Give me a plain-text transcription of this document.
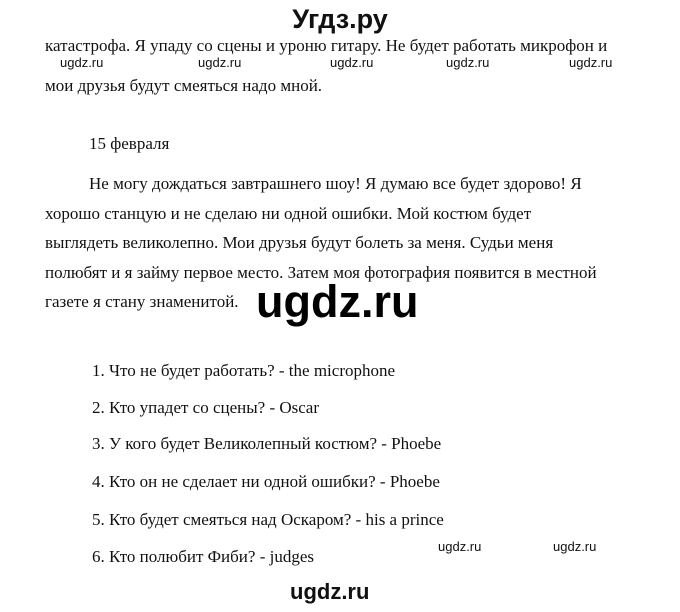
Угдз.ру
катастрофа. Я упаду со сцены и уроню гитару. Не будет работать микрофон и
мои друзья будут смеяться надо мной.
ugdz.ru	ugdz.ru	ugdz.ru	ugdz.ru	ugdz.ru
15 февраля
Не могу дождаться завтрашнего шоу! Я думаю все будет здорово! Я
хорошо станцую и не сделаю ни одной ошибки. Мой костюм будет
выглядеть великолепно. Мои друзья будут болеть за меня. Судьи меня
полюбят и я займу первое место. Затем моя фотография появится в местной
газете я стану знаменитой. ugdz.ru
1. Что не будет работать? - the microphone
2. Кто упадет со сцены? - Oscar
3. У кого будет Великолепный костюм? - Phoebe
4. Кто он не сделает ни одной ошибки? - Phoebe
5. Кто будет смеяться над Оскаром? - his a prince
6. Кто полюбит Фиби? - judges
ugdz.ru	ugdz.ru
ugdz.ru
